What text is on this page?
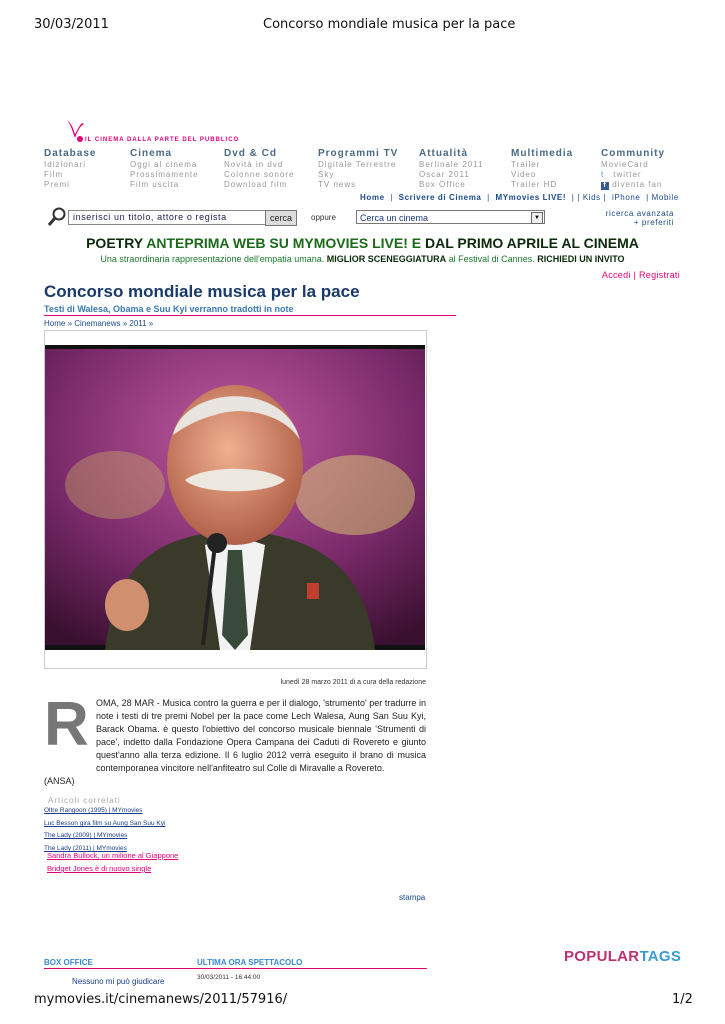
30/03/2011	Concorso mondiale musica per la pace
IL CINEMA DALLA PARTE DEL PUBBLICO
Database
Idizionari
Film
Premi
Cinema
Oggi al cinema
Prossimamente
Film uscita
Dvd & Cd
Novità in dvd
Colonne sonore
Download film
Programmi TV
Digitale Terrestre
Sky
TV news
Attualità
Berlinale 2011
Oscar 2011
Box Office
Multimedia
Trailer
Video
Trailer HD
Community
MovieCard
t twitter
f diventa fan
Home | Scrivere di Cinema | MYmovies LIVE! | | Kids | iPhone | Mobile
inserisci un titolo, attore o regista	cerca	oppure	Cerca un cinema	▼	ricerca avanzata
+ preferiti
POETRY ANTEPRIMA WEB SU MYMOVIES LIVE! E DAL PRIMO APRILE AL CINEMA
Una straordinaria rappresentazione dell'empatia umana. MIGLIOR SCENEGGIATURA al Festival di Cannes. RICHIEDI UN INVITO
Accedi | Registrati
Concorso mondiale musica per la pace
Testi di Walesa, Obama e Suu Kyi verranno tradotti in note
Home » Cinemanews » 2011 »
lunedì 28 marzo 2011 di a cura della redazione
R OMA, 28 MAR - Musica contro la guerra e per il dialogo, 'strumento' per tradurre in note i testi di tre premi Nobel per la pace come Lech Walesa, Aung San Suu Kyi, Barack Obama. è questo l'obiettivo del concorso musicale biennale 'Strumenti di pace', indetto dalla Fondazione Opera Campana dei Caduti di Rovereto e giunto quest'anno alla terza edizione. Il 6 luglio 2012 verrà eseguito il brano di musica contemporanea vincitore nell'anfiteatro sul Colle di Miravalle a Rovereto.
(ANSA)
Articoli correlati
Oltre Rangoon (1995) | MYmovies
Luc Besson gira film su Aung San Suu Kyi
The Lady (2009) | MYmovies
The Lady (2011) | MYmovies
Sandra Bullock, un milione al Giappone
Bridget Jones è di nuovo single
stampa
BOX OFFICE	ULTIMA ORA SPETTACOLO	POPULARTAGS
Nessuno mi può giudicare	30/03/2011 - 16:44:00
mymovies.it/cinemanews/2011/57916/	1/2
